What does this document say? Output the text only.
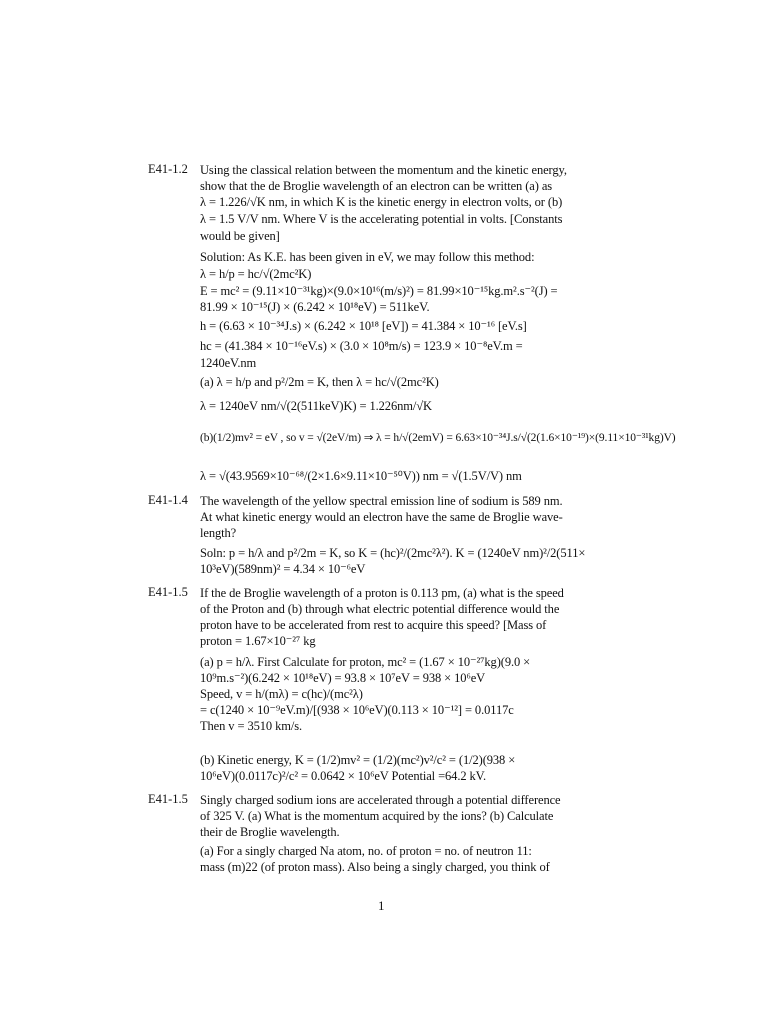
E41-1.2 Using the classical relation between the momentum and the kinetic energy,
show that the de Broglie wavelength of an electron can be written (a) as
λ = 1.226/√K nm, in which K is the kinetic energy in electron volts, or (b)
λ = 1.5 V/V nm. Where V is the accelerating potential in volts. [Constants
would be given]
Solution: As K.E. has been given in eV, we may follow this method:
λ = h/p = hc/√(2mc²K)
E = mc² = (9.11×10⁻³¹kg)×(9.0×10¹⁶(m/s)²) = 81.99×10⁻¹⁵kg.m².s⁻²(J) =
81.99 × 10⁻¹⁵(J) × (6.242 × 10¹⁸eV) = 511keV.
h = (6.63 × 10⁻³⁴J.s) × (6.242 × 10¹⁸ [eV]) = 41.384 × 10⁻¹⁶ [eV.s]
hc = (41.384 × 10⁻¹⁶eV.s) × (3.0 × 10⁸m/s) = 123.9 × 10⁻⁸eV.m =
1240eV.nm
(a) λ = h/p and p²/2m = K, then λ = hc/√(2mc²K)
λ = 1240eV nm/√(2(511keV)K) = 1.226nm/√K
(b)(1/2)mv² = eV , so v = √(2eV/m) ⇒ λ = h/√(2emV) = 6.63×10⁻³⁴J.s/√(2(1.6×10⁻¹⁹)×(9.11×10⁻³¹kg)V)
λ = √(43.9569×10⁻⁶⁸/(2×1.6×9.11×10⁻⁵⁰V)) nm = √(1.5V/V) nm
E41-1.4 The wavelength of the yellow spectral emission line of sodium is 589 nm.
At what kinetic energy would an electron have the same de Broglie wave-
length?
Soln: p = h/λ and p²/2m = K, so K = (hc)²/(2mc²λ²). K = (1240eV nm)²/2(511×
10³eV)(589nm)² = 4.34 × 10⁻⁶eV
E41-1.5 If the de Broglie wavelength of a proton is 0.113 pm, (a) what is the speed
of the Proton and (b) through what electric potential difference would the
proton have to be accelerated from rest to acquire this speed? [Mass of
proton = 1.67×10⁻²⁷ kg
(a) p = h/λ. First Calculate for proton, mc² = (1.67 × 10⁻²⁷kg)(9.0 ×
10⁹m.s⁻²)(6.242 × 10¹⁸eV) = 93.8 × 10⁷eV = 938 × 10⁶eV
Speed, v = h/(mλ) = c(hc)/(mc²λ)
= c(1240 × 10⁻⁹eV.m)/[(938 × 10⁶eV)(0.113 × 10⁻¹²] = 0.0117c
Then v = 3510 km/s.
(b) Kinetic energy, K = (1/2)mv² = (1/2)(mc²)v²/c² = (1/2)(938 ×
10⁶eV)(0.0117c)²/c² = 0.0642 × 10⁶eV Potential =64.2 kV.
E41-1.5 Singly charged sodium ions are accelerated through a potential difference
of 325 V. (a) What is the momentum acquired by the ions? (b) Calculate
their de Broglie wavelength.
(a) For a singly charged Na atom, no. of proton = no. of neutron 11:
mass (m)22 (of proton mass). Also being a singly charged, you think of
1
